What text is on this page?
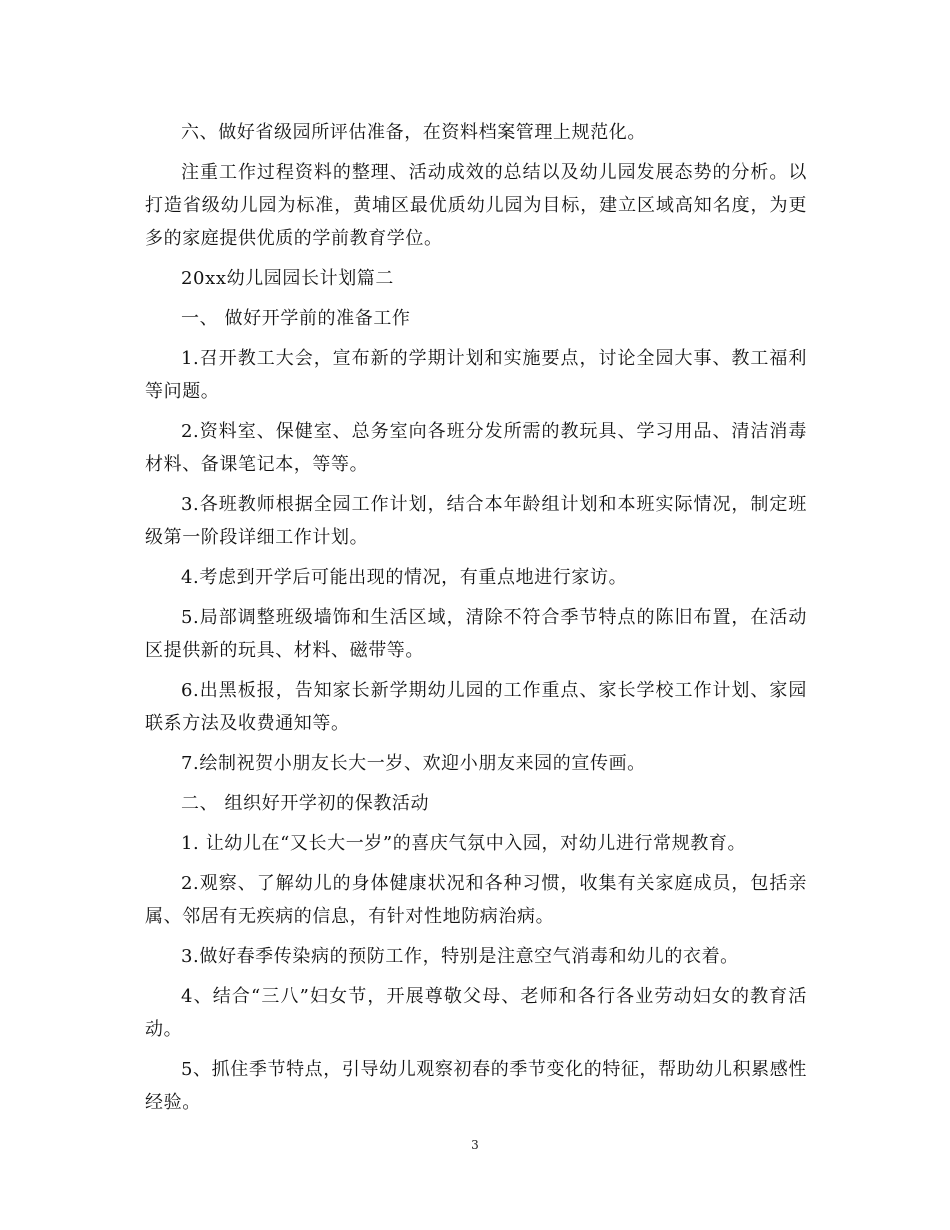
六、做好省级园所评估准备，在资料档案管理上规范化。

注重工作过程资料的整理、活动成效的总结以及幼儿园发展态势的分析。以打造省级幼儿园为标准，黄埔区最优质幼儿园为目标，建立区域高知名度，为更多的家庭提供优质的学前教育学位。

20xx幼儿园园长计划篇二

一、 做好开学前的准备工作

1.召开教工大会，宣布新的学期计划和实施要点，讨论全园大事、教工福利等问题。

2.资料室、保健室、总务室向各班分发所需的教玩具、学习用品、清洁消毒材料、备课笔记本，等等。

3.各班教师根据全园工作计划，结合本年龄组计划和本班实际情况，制定班级第一阶段详细工作计划。

4.考虑到开学后可能出现的情况，有重点地进行家访。

5.局部调整班级墙饰和生活区域，清除不符合季节特点的陈旧布置，在活动区提供新的玩具、材料、磁带等。

6.出黑板报，告知家长新学期幼儿园的工作重点、家长学校工作计划、家园联系方法及收费通知等。

7.绘制祝贺小朋友长大一岁、欢迎小朋友来园的宣传画。

二、 组织好开学初的保教活动

1. 让幼儿在“又长大一岁”的喜庆气氛中入园，对幼儿进行常规教育。

2.观察、了解幼儿的身体健康状况和各种习惯，收集有关家庭成员，包括亲属、邻居有无疾病的信息，有针对性地防病治病。

3.做好春季传染病的预防工作，特别是注意空气消毒和幼儿的衣着。

4、结合“三八”妇女节，开展尊敬父母、老师和各行各业劳动妇女的教育活动。

5、抓住季节特点，引导幼儿观察初春的季节变化的特征，帮助幼儿积累感性经验。

3
